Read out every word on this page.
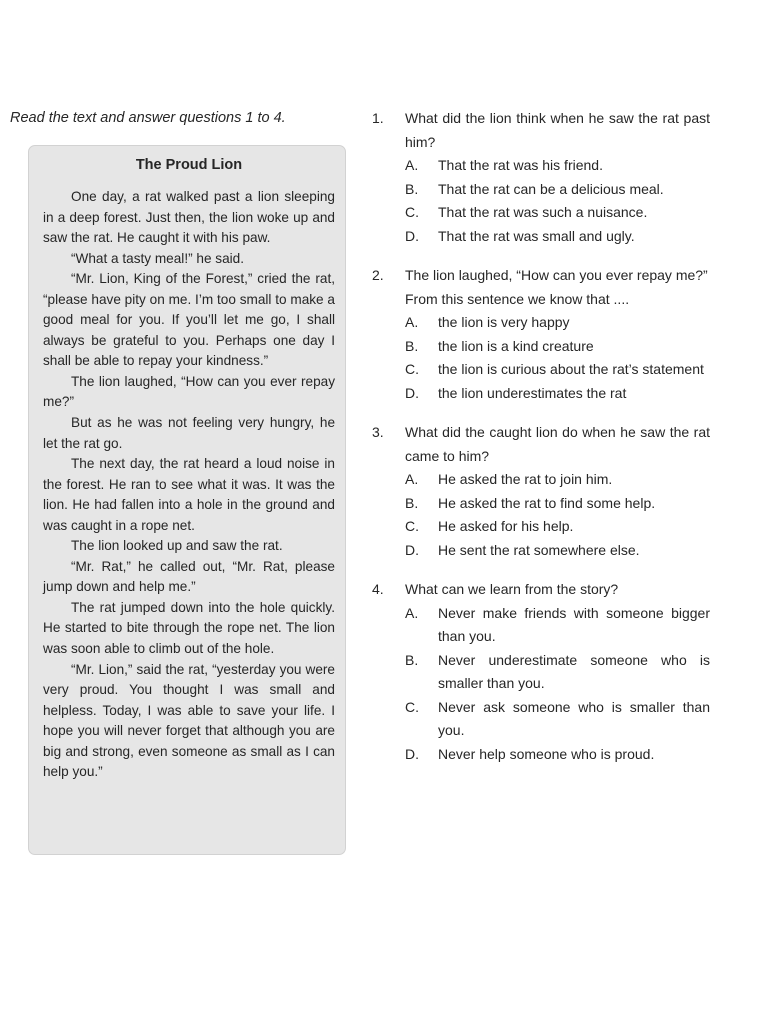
Read the text and answer questions 1 to 4.
The Proud Lion

One day, a rat walked past a lion sleeping in a deep forest. Just then, the lion woke up and saw the rat. He caught it with his paw.

“What a tasty meal!” he said.

“Mr. Lion, King of the Forest,” cried the rat, “please have pity on me. I’m too small to make a good meal for you. If you’ll let me go, I shall always be grateful to you. Perhaps one day I shall be able to repay your kindness.”

The lion laughed, “How can you ever repay me?”

But as he was not feeling very hungry, he let the rat go.

The next day, the rat heard a loud noise in the forest. He ran to see what it was. It was the lion. He had fallen into a hole in the ground and was caught in a rope net.

The lion looked up and saw the rat.

“Mr. Rat,” he called out, “Mr. Rat, please jump down and help me.”

The rat jumped down into the hole quickly. He started to bite through the rope net. The lion was soon able to climb out of the hole.

“Mr. Lion,” said the rat, “yesterday you were very proud. You thought I was small and helpless. Today, I was able to save your life. I hope you will never forget that although you are big and strong, even someone as small as I can help you.”

1.	What did the lion think when he saw the rat past him?
A.	That the rat was his friend.
B.	That the rat can be a delicious meal.
C.	That the rat was such a nuisance.
D.	That the rat was small and ugly.
2.	The lion laughed, “How can you ever repay me?”
From this sentence we know that ....
A.	the lion is very happy
B.	the lion is a kind creature
C.	the lion is curious about the rat’s statement
D.	the lion underestimates the rat
3.	What did the caught lion do when he saw the rat came to him?
A.	He asked the rat to join him.
B.	He asked the rat to find some help.
C.	He asked for his help.
D.	He sent the rat somewhere else.
4.	What can we learn from the story?
A.	Never make friends with someone bigger than you.
B.	Never underestimate someone who is smaller than you.
C.	Never ask someone who is smaller than you.
D.	Never help someone who is proud.
